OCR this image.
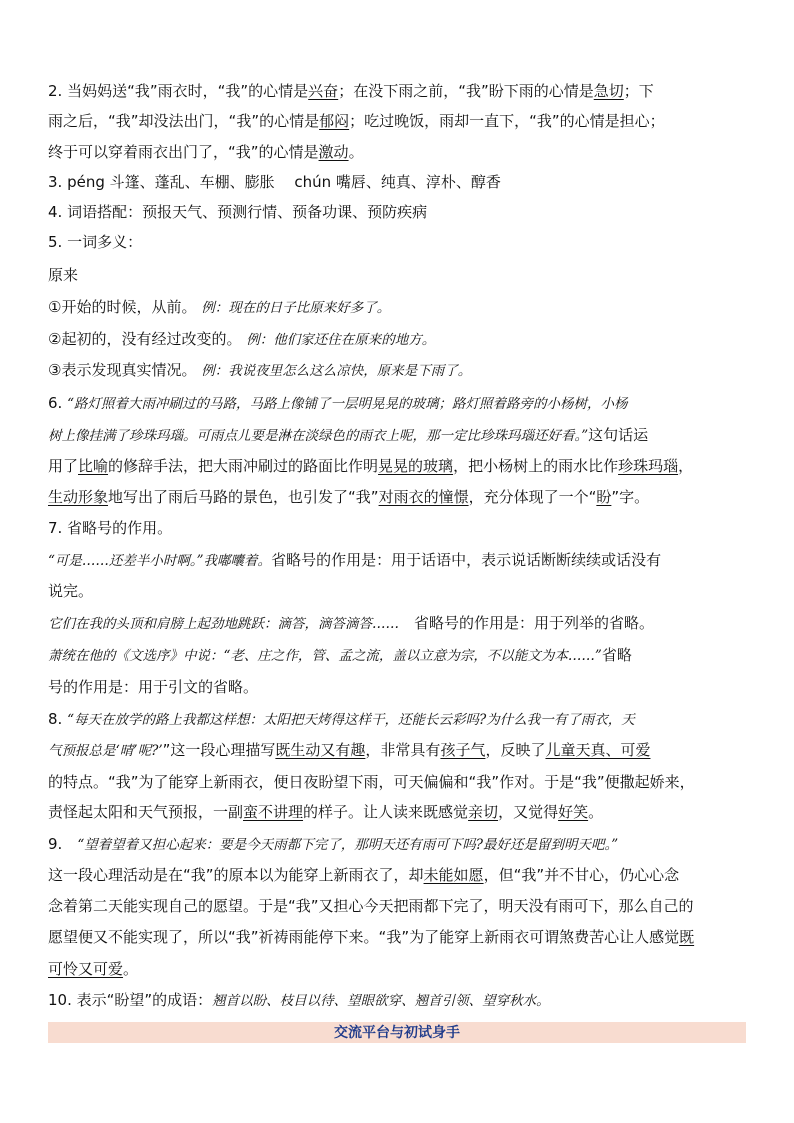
2. 当妈妈送“我”雨衣时，“我”的心情是兴奋；在没下雨之前，“我”盼下雨的心情是急切；下
雨之后，“我”却没法出门，“我”的心情是郁闷；吃过晚饭，雨却一直下，“我”的心情是担心；
终于可以穿着雨衣出门了，“我”的心情是激动。
3. péng 斗篷、蓬乱、车棚、膨胀　 chún 嘴唇、纯真、淳朴、醇香
4. 词语搭配：预报天气、预测行情、预备功课、预防疾病
5. 一词多义：
原来
①开始的时候，从前。 例：现在的日子比原来好多了。
②起初的，没有经过改变的。 例：他们家还住在原来的地方。
③表示发现真实情况。 例：我说夜里怎么这么凉快，原来是下雨了。
6. “路灯照着大雨冲刷过的马路，马路上像铺了一层明晃晃的玻璃；路灯照着路旁的小杨树，小杨
树上像挂满了珍珠玛瑙。可雨点儿要是淋在淡绿色的雨衣上呢，那一定比珍珠玛瑙还好看。”这句话运
用了比喻的修辞手法，把大雨冲刷过的路面比作明晃晃的玻璃，把小杨树上的雨水比作珍珠玛瑙，
生动形象地写出了雨后马路的景色，也引发了“我”对雨衣的憧憬，充分体现了一个“盼”字。
7. 省略号的作用。
“可是……还差半小时啊。”我嘟囔着。省略号的作用是：用于话语中，表示说话断断续续或话没有
说完。
它们在我的头顶和肩膀上起劲地跳跃：滴答，滴答滴答……　省略号的作用是：用于列举的省略。
萧统在他的《文选序》中说：“老、庄之作，管、孟之流，盖以立意为宗，不以能文为本……”省略
号的作用是：用于引文的省略。
8. “每天在放学的路上我都这样想：太阳把天烤得这样干，还能长云彩吗?为什么我一有了雨衣，天
气预报总是‘晴’呢?’”这一段心理描写既生动又有趣，非常具有孩子气，反映了儿童天真、可爱
的特点。“我”为了能穿上新雨衣，便日夜盼望下雨，可天偏偏和“我”作对。于是“我”便撒起娇来，
责怪起太阳和天气预报，一副蛮不讲理的样子。让人读来既感觉亲切，又觉得好笑。
9.　“望着望着又担心起来：要是今天雨都下完了，那明天还有雨可下吗?最好还是留到明天吧。”
这一段心理活动是在“我”的原本以为能穿上新雨衣了，却未能如愿，但“我”并不甘心，仍心心念
念着第二天能实现自己的愿望。于是“我”又担心今天把雨都下完了，明天没有雨可下，那么自己的
愿望便又不能实现了，所以“我”祈祷雨能停下来。“我”为了能穿上新雨衣可谓煞费苦心让人感觉既
可怜又可爱。
10. 表示“盼望”的成语：翘首以盼、枝目以待、望眼欲穿、翘首引领、望穿秋水。
交流平台与初试身手
